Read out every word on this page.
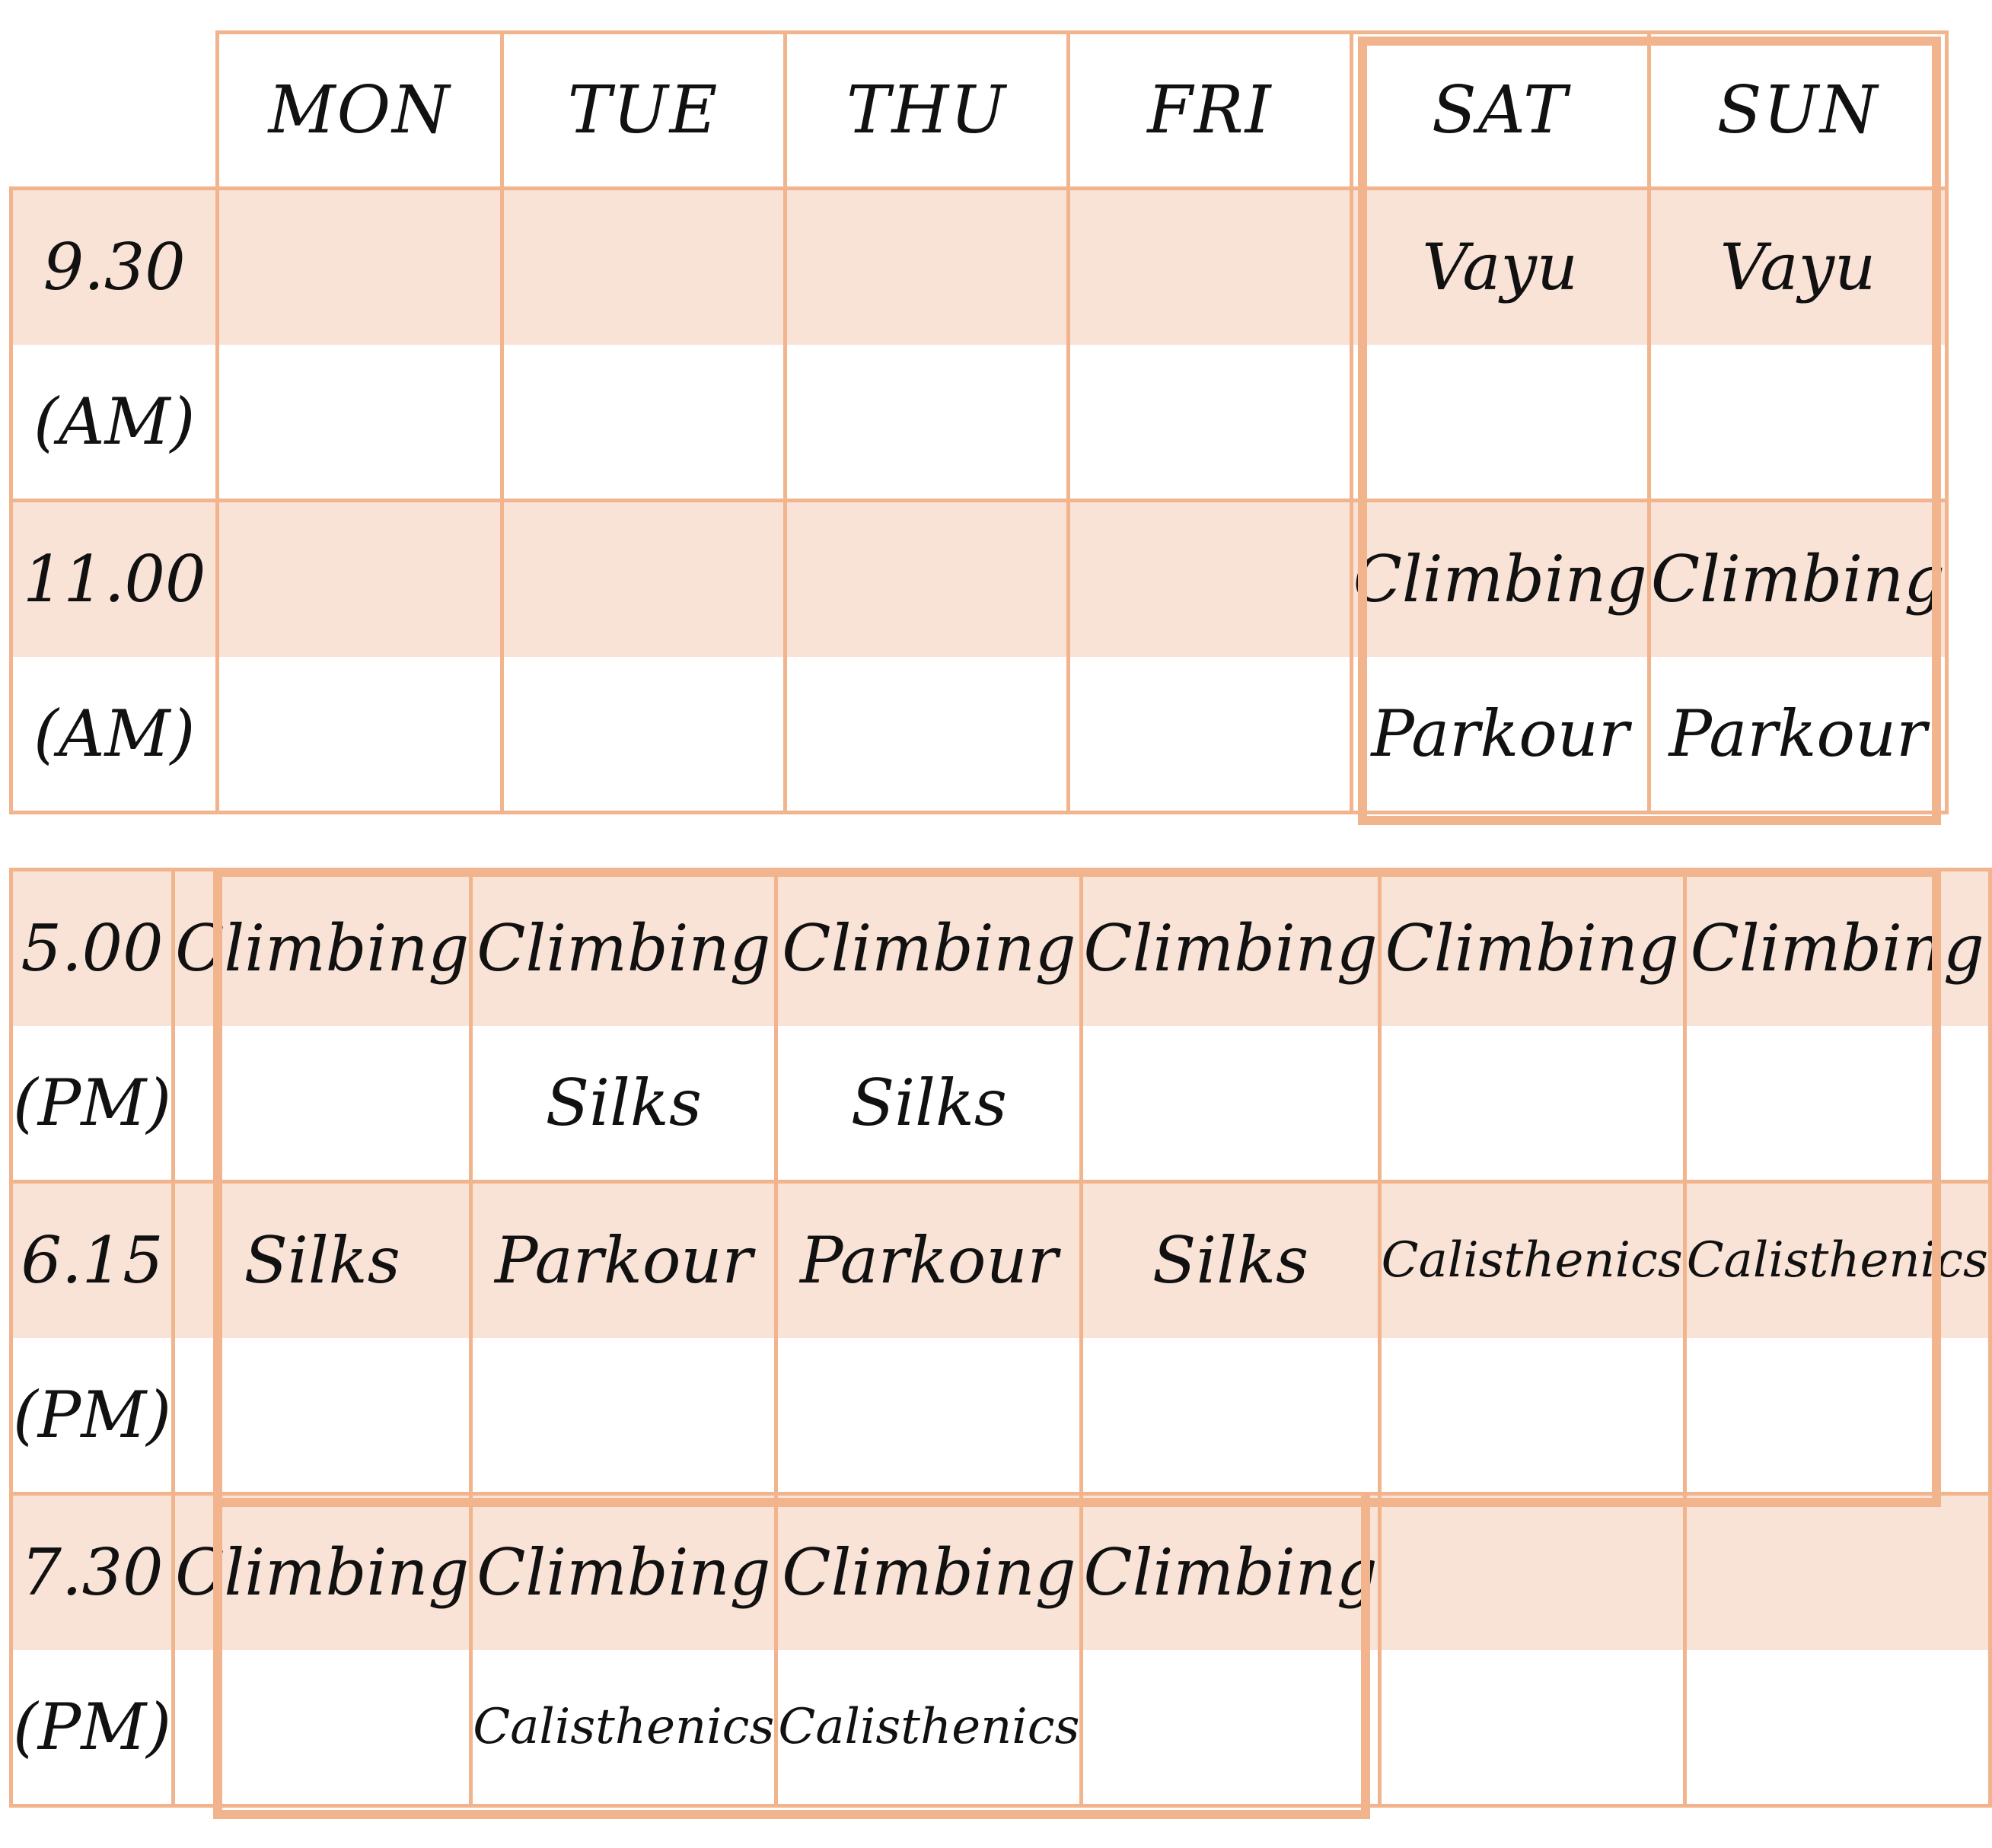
	MON	TUE	THU	FRI	SAT	SUN
9.30					Vayu	Vayu
(AM)						
11.00					Climbing	Climbing
(AM)					Parkour	Parkour
5.00	Climbing	Climbing	Climbing	Climbing	Climbing	Climbing
(PM)		Silks	Silks			
6.15	Silks	Parkour	Parkour	Silks	Calisthenics	Calisthenics
(PM)						
7.30	Climbing	Climbing	Climbing	Climbing		
(PM)		Calisthenics	Calisthenics			
